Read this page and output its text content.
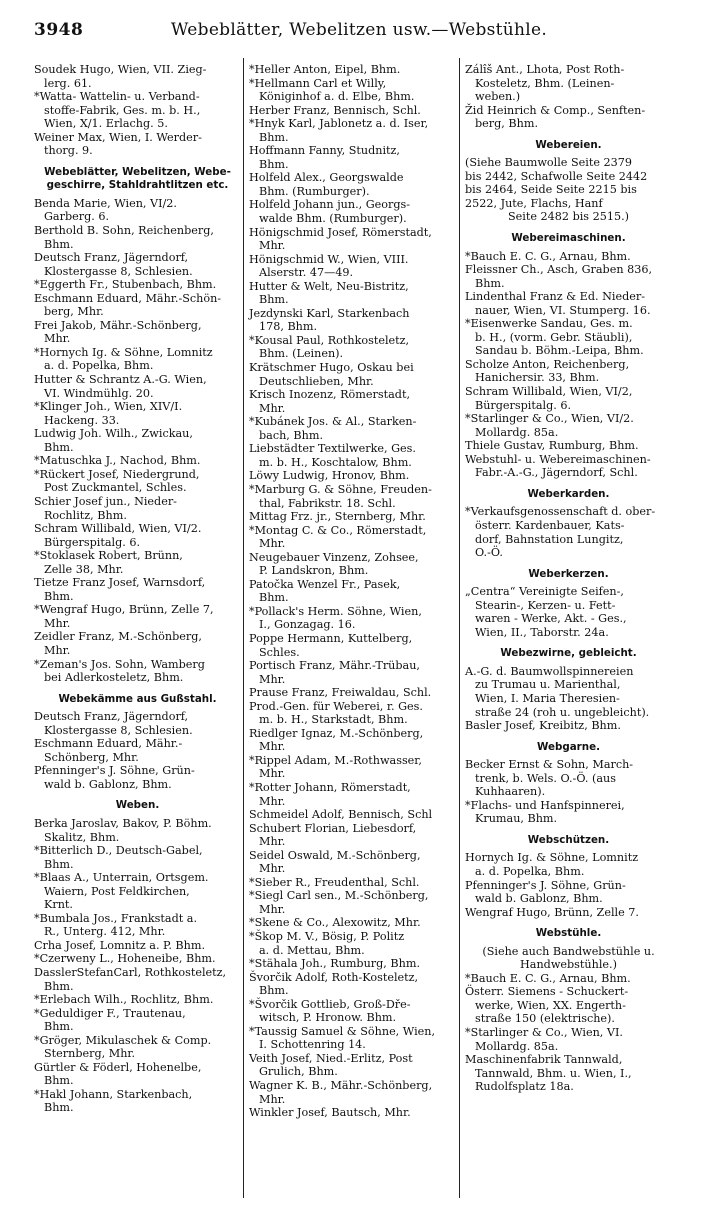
3948	Webeblätter, Webelitzen usw.—Webstühle.
Soudek Hugo, Wien, VII. Zieg-
lerg. 61.
*Watta- Wattelin- u. Verband-
stoffe-Fabrik, Ges. m. b. H.,
Wien, X/1. Erlachg. 5.
Weiner Max, Wien, I. Werder-
thorg. 9.
Webeblätter, Webelitzen, Webe-
geschirre, Stahldrahtlitzen etc.
Benda Marie, Wien, VI/2.
Garberg. 6.
Berthold B. Sohn, Reichenberg,
Bhm.
Deutsch Franz, Jägerndorf,
Klostergasse 8, Schlesien.
*Eggerth Fr., Stubenbach, Bhm.
Eschmann Eduard, Mähr.-Schön-
berg, Mhr.
Frei Jakob, Mähr.-Schönberg,
Mhr.
*Hornych Ig. & Söhne, Lomnitz
a. d. Popelka, Bhm.
Hutter & Schrantz A.-G. Wien,
VI. Windmühlg. 20.
*Klinger Joh., Wien, XIV/I.
Hackeng. 33.
Ludwig Joh. Wilh., Zwickau,
Bhm.
*Matuschka J., Nachod, Bhm.
*Rückert Josef, Niedergrund,
Post Zuckmantel, Schles.
Schier Josef jun., Nieder-
Rochlitz, Bhm.
Schram Willibald, Wien, VI/2.
Bürgerspitalg. 6.
*Stoklasek Robert, Brünn,
Zelle 38, Mhr.
Tietze Franz Josef, Warnsdorf,
Bhm.
*Wengraf Hugo, Brünn, Zelle 7,
Mhr.
Zeidler Franz, M.-Schönberg,
Mhr.
*Zeman's Jos. Sohn, Wamberg
bei Adlerkosteletz, Bhm.
Webekämme aus Gußstahl.
Deutsch Franz, Jägerndorf,
Klostergasse 8, Schlesien.
Eschmann Eduard, Mähr.-
Schönberg, Mhr.
Pfenninger's J. Söhne, Grün-
wald b. Gablonz, Bhm.
Weben.
Berka Jaroslav, Bakov, P. Böhm.
Skalitz, Bhm.
*Bitterlich D., Deutsch-Gabel,
Bhm.
*Blaas A., Unterrain, Ortsgem.
Waiern, Post Feldkirchen,
Krnt.
*Bumbala Jos., Frankstadt a.
R., Unterg. 412, Mhr.
Crha Josef, Lomnitz a. P. Bhm.
*Czerweny L., Hoheneibe, Bhm.
DasslerStefanCarl, Rothkosteletz,
Bhm.
*Erlebach Wilh., Rochlitz, Bhm.
*Geduldiger F., Trautenau,
Bhm.
*Gröger, Mikulaschek & Comp.
Sternberg, Mhr.
Gürtler & Föderl, Hohenelbe,
Bhm.
*Hakl Johann, Starkenbach,
Bhm.
*Heller Anton, Eipel, Bhm.
*Hellmann Carl et Willy,
Königinhof a. d. Elbe, Bhm.
Herber Franz, Bennisch, Schl.
*Hnyk Karl, Jablonetz a. d. Iser,
Bhm.
Hoffmann Fanny, Studnitz,
Bhm.
Holfeld Alex., Georgswalde
Bhm. (Rumburger).
Holfeld Johann jun., Georgs-
walde Bhm. (Rumburger).
Hönigschmid Josef, Römerstadt,
Mhr.
Hönigschmid W., Wien, VIII.
Alserstr. 47—49.
Hutter & Welt, Neu-Bistritz,
Bhm.
Jezdynski Karl, Starkenbach
178, Bhm.
*Kousal Paul, Rothkosteletz,
Bhm. (Leinen).
Krätschmer Hugo, Oskau bei
Deutschlieben, Mhr.
Krisch Inozenz, Römerstadt,
Mhr.
*Kubánek Jos. & Al., Starken-
bach, Bhm.
Liebstädter Textilwerke, Ges.
m. b. H., Koschtalow, Bhm.
Löwy Ludwig, Hronov, Bhm.
*Marburg G. & Söhne, Freuden-
thal, Fabrikstr. 18. Schl.
Mittag Frz. jr., Sternberg, Mhr.
*Montag C. & Co., Römerstadt,
Mhr.
Neugebauer Vinzenz, Zohsee,
P. Landskron, Bhm.
Patočka Wenzel Fr., Pasek,
Bhm.
*Pollack's Herm. Söhne, Wien,
I., Gonzagag. 16.
Poppe Hermann, Kuttelberg,
Schles.
Portisch Franz, Mähr.-Trübau,
Mhr.
Prause Franz, Freiwaldau, Schl.
Prod.-Gen. für Weberei, r. Ges.
m. b. H., Starkstadt, Bhm.
Riedlger Ignaz, M.-Schönberg,
Mhr.
*Rippel Adam, M.-Rothwasser,
Mhr.
*Rotter Johann, Römerstadt,
Mhr.
Schmeidel Adolf, Bennisch, Schl
Schubert Florian, Liebesdorf,
Mhr.
Seidel Oswald, M.-Schönberg,
Mhr.
*Sieber R., Freudenthal, Schl.
*Siegl Carl sen., M.-Schönberg,
Mhr.
*Skene & Co., Alexowitz, Mhr.
*Škop M. V., Bösig, P. Politz
a. d. Mettau, Bhm.
*Stähala Joh., Rumburg, Bhm.
Švorčik Adolf, Roth-Kosteletz,
Bhm.
*Švorčik Gottlieb, Groß-Dře-
witsch, P. Hronow. Bhm.
*Taussig Samuel & Söhne, Wien,
I. Schottenring 14.
Veith Josef, Nied.-Erlitz, Post
Grulich, Bhm.
Wagner K. B., Mähr.-Schönberg,
Mhr.
Winkler Josef, Bautsch, Mhr.
Zálîš Ant., Lhota, Post Roth-
Kosteletz, Bhm. (Leinen-
weben.)
Žid Heinrich & Comp., Senften-
berg, Bhm.
Webereien.
(Siehe Baumwolle Seite 2379
bis 2442, Schafwolle Seite 2442
bis 2464, Seide Seite 2215 bis
2522, Jute, Flachs, Hanf
Seite 2482 bis 2515.)
Webereimaschinen.
*Bauch E. C. G., Arnau, Bhm.
Fleissner Ch., Asch, Graben 836,
Bhm.
Lindenthal Franz & Ed. Nieder-
nauer, Wien, VI. Stumperg. 16.
*Eisenwerke Sandau, Ges. m.
b. H., (vorm. Gebr. Stäubli),
Sandau b. Böhm.-Leipa, Bhm.
Scholze Anton, Reichenberg,
Hanichersir. 33, Bhm.
Schram Willibald, Wien, VI/2,
Bürgerspitalg. 6.
*Starlinger & Co., Wien, VI/2.
Mollardg. 85a.
Thiele Gustav, Rumburg, Bhm.
Webstuhl- u. Webereimaschinen-
Fabr.-A.-G., Jägerndorf, Schl.
Weberkarden.
*Verkaufsgenossenschaft d. ober-
österr. Kardenbauer, Kats-
dorf, Bahnstation Lungitz,
O.-Ö.
Weberkerzen.
„Centra“ Vereinigte Seifen-,
Stearin-, Kerzen- u. Fett-
waren - Werke, Akt. - Ges.,
Wien, II., Taborstr. 24a.
Webezwirne, gebleicht.
A.-G. d. Baumwollspinnereien
zu Trumau u. Marienthal,
Wien, I. Maria Theresien-
straße 24 (roh u. ungebleicht).
Basler Josef, Kreibitz, Bhm.
Webgarne.
Becker Ernst & Sohn, March-
trenk, b. Wels. O.-Ö. (aus
Kuhhaaren).
*Flachs- und Hanfspinnerei,
Krumau, Bhm.
Webschützen.
Hornych Ig. & Söhne, Lomnitz
a. d. Popelka, Bhm.
Pfenninger's J. Söhne, Grün-
wald b. Gablonz, Bhm.
Wengraf Hugo, Brünn, Zelle 7.
Webstühle.
(Siehe auch Bandwebstühle u.
Handwebstühle.)
*Bauch E. C. G., Arnau, Bhm.
Österr. Siemens - Schuckert-
werke, Wien, XX. Engerth-
straße 150 (elektrische).
*Starlinger & Co., Wien, VI.
Mollardg. 85a.
Maschinenfabrik Tannwald,
Tannwald, Bhm. u. Wien, I.,
Rudolfsplatz 18a.
